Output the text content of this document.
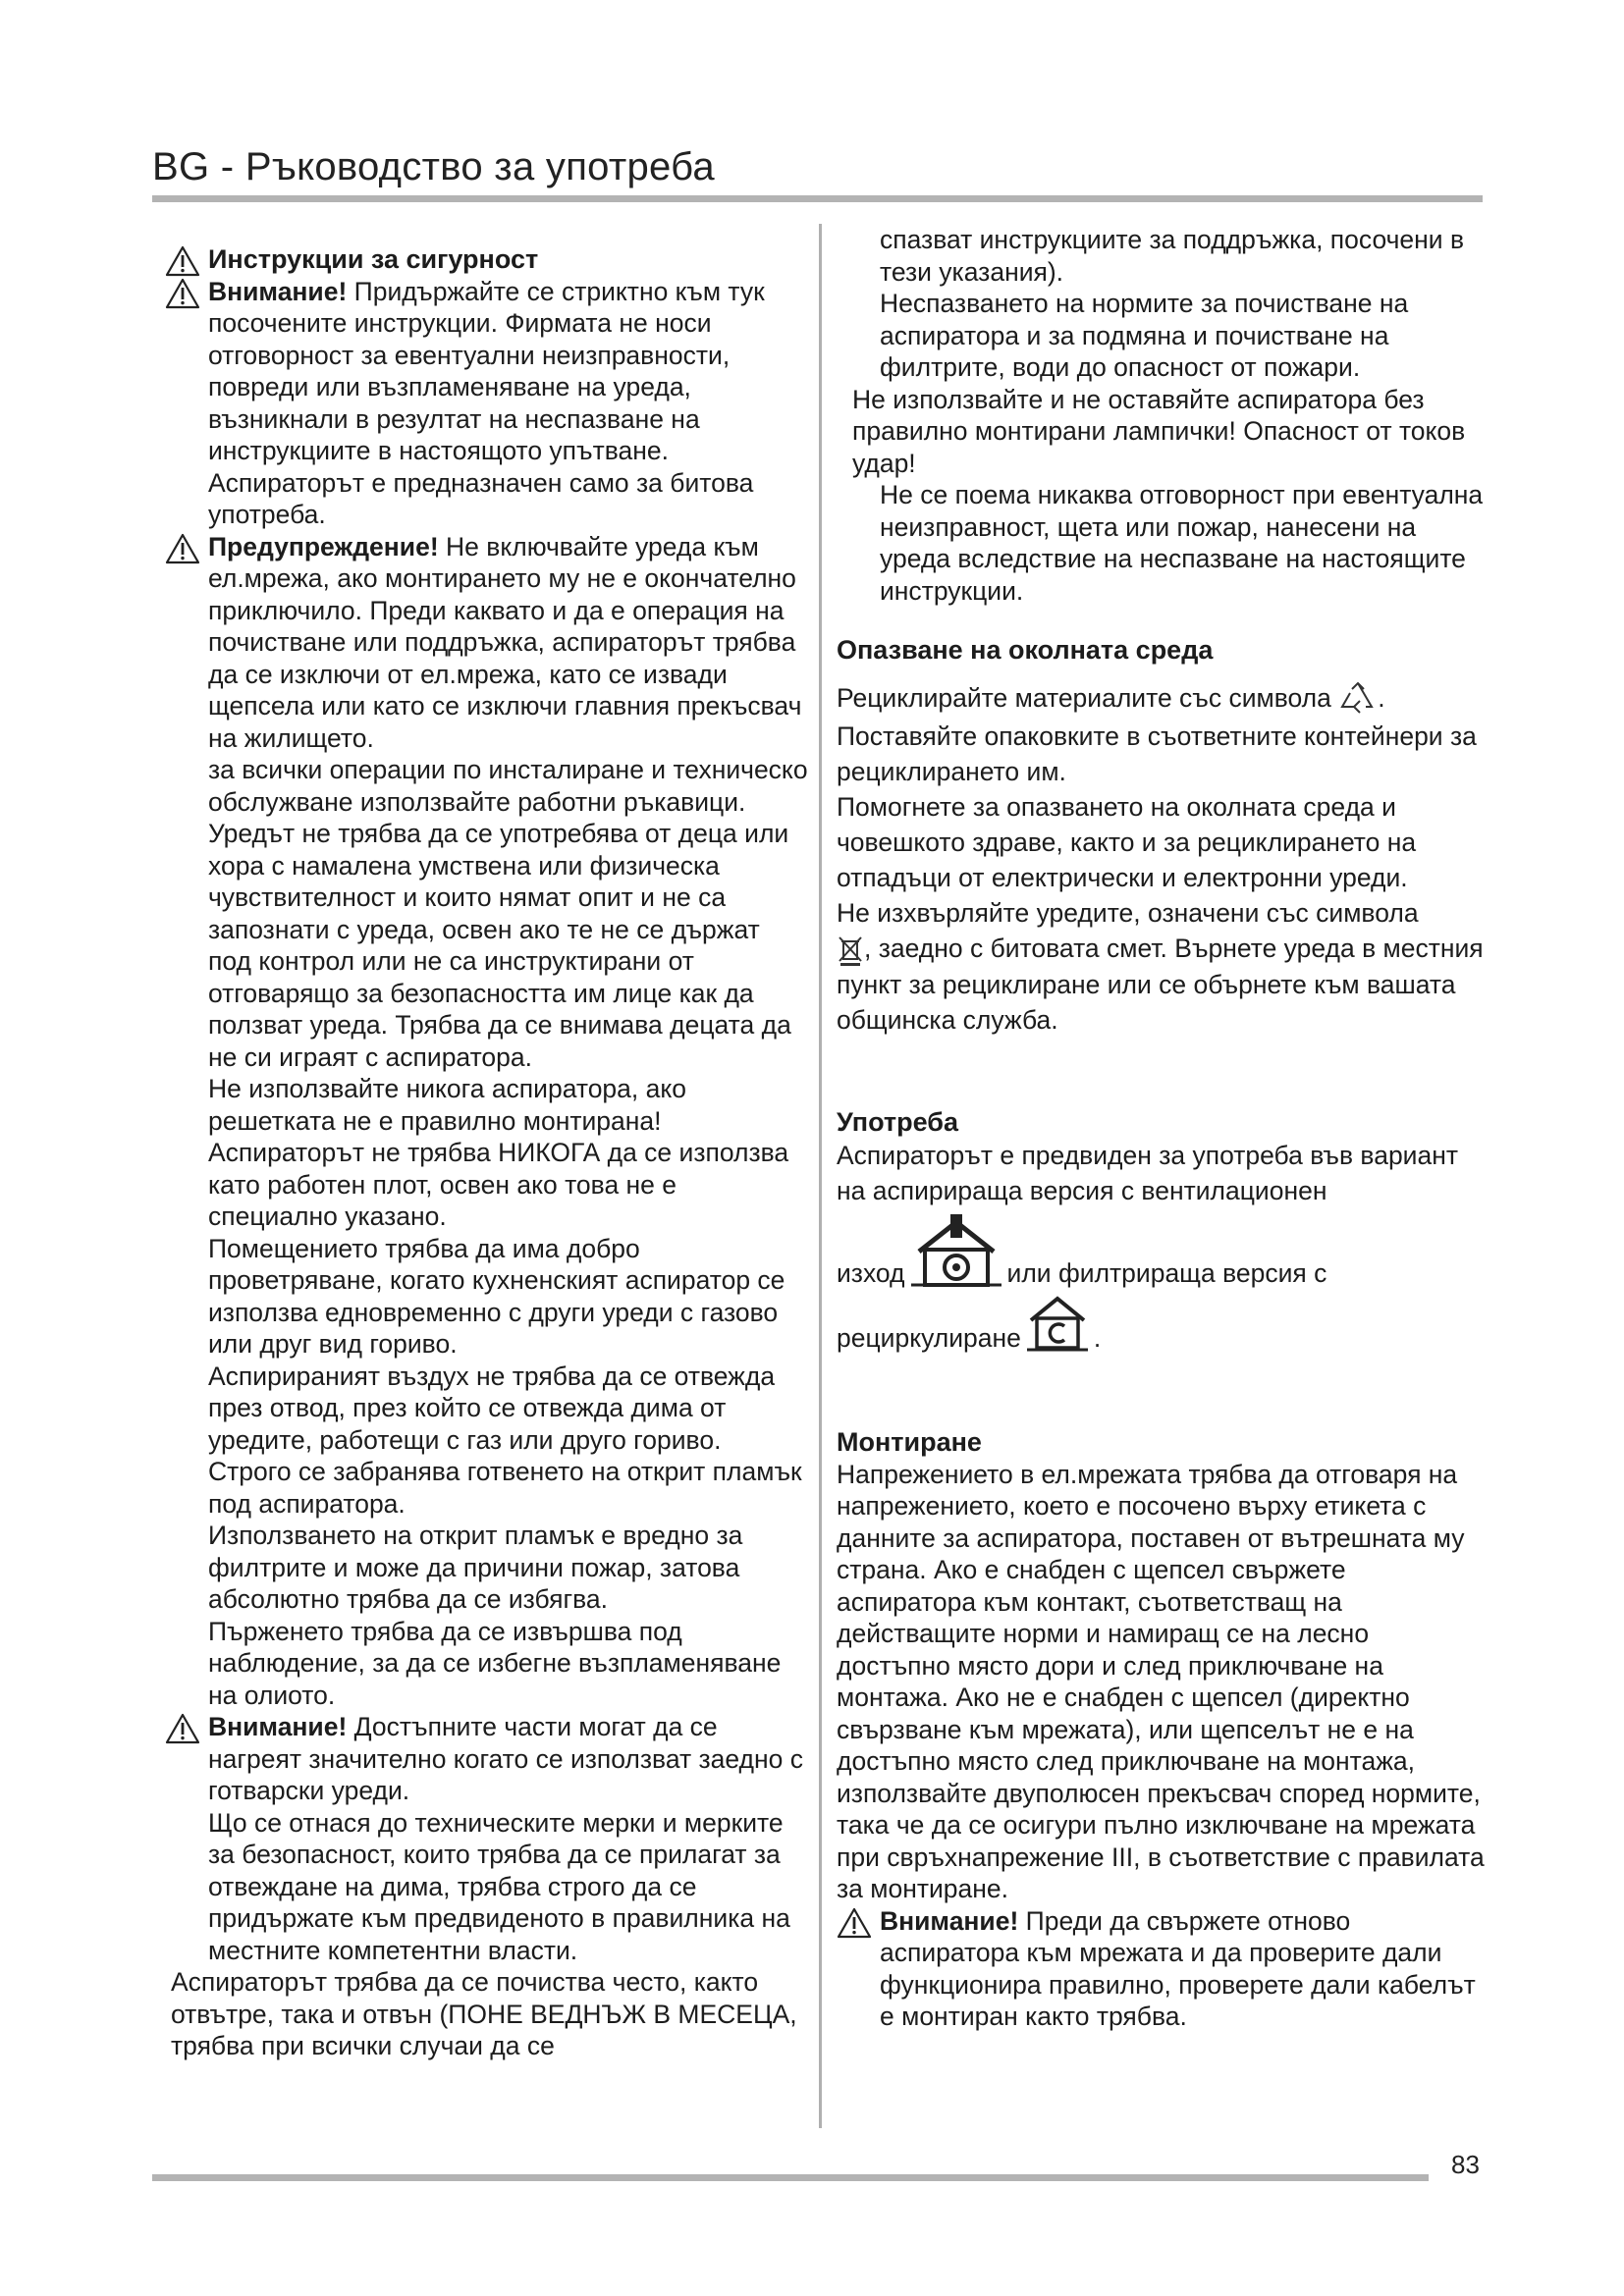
BG - Ръководство за употреба
Инструкции за сигурност
Внимание! Придържайте се стриктно към тук посочените инструкции. Фирмата не носи отговорност за евентуални неизправности, повреди или възпламеняване на уреда, възникнали в резултат на неспазване на инструкциите в настоящото упътване.

Аспираторът е предназначен само за битова употреба.

Предупреждение! Не включвайте уреда към ел.мрежа, ако монтирането му не е окончателно приключило. Преди каквато и да е операция на почистване или поддръжка, аспираторът трябва да се изключи от ел.мрежа, като се извади щепсела или като се изключи главния прекъсвач на жилището.

за всички операции по инсталиране и техническо обслужване използвайте работни ръкавици.

Уредът не трябва да се употребява от деца или хора с намалена умствена или физическа чувствителност и които нямат опит и не са запознати с уреда, освен ако те не се държат под контрол или не са инструктирани от отговарящо за безопасността им лице как да ползват уреда. Трябва да се внимава децата да не си играят с аспиратора.

Не използвайте никога аспиратора, ако решетката не е правилно монтирана!

Аспираторът не трябва НИКОГА да се използва като работен плот, освен ако това не е специално указано.

Помещението трябва да има добро проветряване, когато кухненският аспиратор се използва едновременно с други уреди с газово или друг вид гориво.

Аспирираният въздух не трябва да се отвежда през отвод, през който се отвежда дима от уредите, работещи с газ или друго гориво.

Строго се забранява готвенето на открит пламък под аспиратора.

Използването на открит пламък е вредно за филтрите и може да причини пожар, затова абсолютно трябва да се избягва.

Пърженето трябва да се извършва под наблюдение, за да се избегне възпламеняване на олиото.

Внимание! Достъпните части могат да се нагреят значително когато се използват заедно с готварски уреди.

Що се отнася до техническите мерки и мерките за безопасност, които трябва да се прилагат за отвеждане на дима, трябва строго да се придържате към предвиденото в правилника на местните компетентни власти.

Аспираторът трябва да се почиства често, както отвътре, така и отвън (ПОНЕ ВЕДНЪЖ В МЕСЕЦА, трябва при всички случаи да се

спазват инструкциите за поддръжка, посочени в тези указания).

Неспазването на нормите за почистване на аспиратора и за подмяна и почистване на филтрите, води до опасност от пожари.

Не използвайте и не оставяйте аспиратора без правилно монтирани лампички! Опасност от токов удар!

Не се поема никаква отговорност при евентуална неизправност, щета или пожар, нанесени на уреда вследствие на неспазване на настоящите инструкции.

Опазване на околната среда

Рециклирайте материалите със символа .

Поставяйте опаковките в съответните контейнери за рециклирането им.

Помогнете за опазването на околната среда и човешкото здраве, както и за рециклирането на отпадъци от електрически и електронни уреди.

Не изхвърляйте уредите, означени със символа

, заедно с битовата смет. Върнете уреда в местния пункт за рециклиране или се обърнете към вашата общинска служба.

Употреба

Аспираторът е предвиден за употреба във вариант на аспирираща версия с вентилационен

изход	или филтрираща версия с
рециркулиране	.

Монтиране

Напрежението в ел.мрежата трябва да отговаря на напрежението, което е посочено върху етикета с данните за аспиратора, поставен от вътрешната му страна. Ако е снабден с щепсел свържете аспиратора към контакт, съответстващ на действащите норми и намиращ се на лесно достъпно място дори и след приключване на монтажа. Ако не е снабден с щепсел (директно свързване към мрежата), или щепселът не е на достъпно място след приключване на монтажа, използвайте двуполюсен прекъсвач според нормите, така че да се осигури пълно изключване на мрежата при свръхнапрежение III, в съответствие с правилата за монтиране.

Внимание! Преди да свържете отново аспиратора към мрежата и да проверите дали функционира правилно, проверете дали кабелът е монтиран както трябва.
83
